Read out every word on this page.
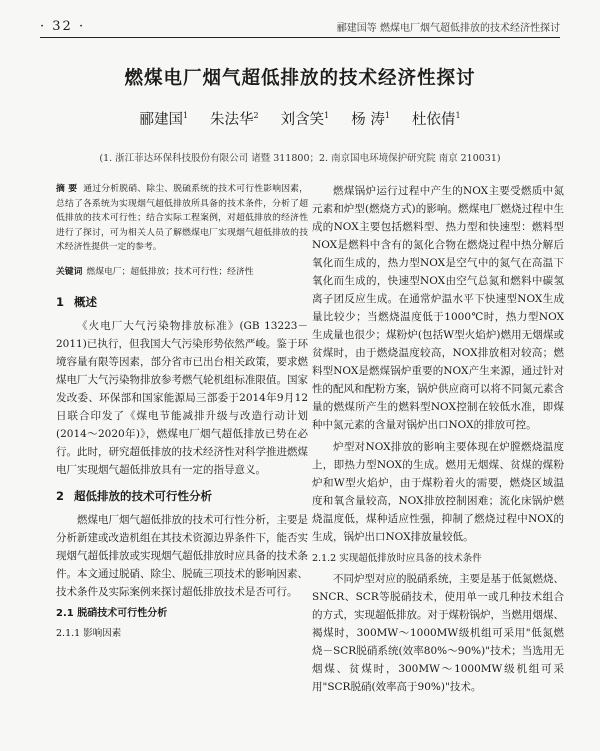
· 32 ·	郦建国等 燃煤电厂烟气超低排放的技术经济性探讨
燃煤电厂烟气超低排放的技术经济性探讨
郦建国$^1$ 朱法华$^2$ 刘含笑$^1$ 杨 涛$^1$ 杜依倩$^1$
(1. 浙江菲达环保科技股份有限公司 诸暨 311800；2. 南京国电环境保护研究院 南京 210031)

摘 要 通过分析脱硝、除尘、脱硫系统的技术可行性影响因素，总结了各系统为实现烟气超低排放所具备的技术条件，分析了超低排放的技术可行性；结合实际工程案例，对超低排放的经济性进行了探讨，可为相关人员了解燃煤电厂实现烟气超低排放的技术经济性提供一定的参考。

关键词 燃煤电厂；超低排放；技术可行性；经济性
1 概述

《火电厂大气污染物排放标准》(GB 13223－2011)已执行，但我国大气污染形势依然严峻。鉴于环境容量有限等因素，部分省市已出台相关政策，要求燃煤电厂大气污染物排放参考燃气轮机组标准限值。国家发改委、环保部和国家能源局三部委于2014年9月12日联合印发了《煤电节能减排升级与改造行动计划(2014～2020年)》，燃煤电厂烟气超低排放已势在必行。此时，研究超低排放的技术经济性对科学推进燃煤电厂实现烟气超低排放具有一定的指导意义。

2 超低排放的技术可行性分析

燃煤电厂烟气超低排放的技术可行性分析，主要是分析新建或改造机组在其技术资源边界条件下，能否实现烟气超低排放或实现烟气超低排放时应具备的技术条件。本文通过脱硝、除尘、脱硫三项技术的影响因素、技术条件及实际案例来探讨超低排放技术是否可行。

2.1 脱硝技术可行性分析
2.1.1 影响因素

燃煤锅炉运行过程中产生的NOX主要受燃质中氮元素和炉型(燃烧方式)的影响。燃煤电厂燃烧过程中生成的NOX主要包括燃料型、热力型和快速型：燃料型NOX是燃料中含有的氮化合物在燃烧过程中热分解后氧化而生成的，热力型NOX是空气中的氮气在高温下氧化而生成的，快速型NOX由空气总氮和燃料中碳氢离子团反应生成。在通常炉温水平下快速型NOX生成量比较少；当燃烧温度低于1000℃时，热力型NOX生成量也很少；煤粉炉(包括W型火焰炉)燃用无烟煤或贫煤时，由于燃烧温度较高，NOX排放相对较高；燃料型NOX是燃煤锅炉重要的NOX产生来源，通过针对性的配风和配粉方案，锅炉供应商可以将不同氮元素含量的燃煤所产生的燃料型NOX控制在较低水准，即煤种中氮元素的含量对锅炉出口NOX的排放可控。

炉型对NOX排放的影响主要体现在炉膛燃烧温度上，即热力型NOX的生成。燃用无烟煤、贫煤的煤粉炉和W型火焰炉，由于煤粉着火的需要，燃烧区域温度和氧含量较高，NOX排放控制困难；流化床锅炉燃烧温度低，煤种适应性强，抑制了燃烧过程中NOX的生成，锅炉出口NOX排放量较低。

2.1.2 实现超低排放时应具备的技术条件

不同炉型对应的脱硝系统，主要是基于低氮燃烧、SNCR、SCR等脱硝技术，使用单一或几种技术组合的方式，实现超低排放。对于煤粉锅炉，当燃用烟煤、褐煤时，300MW～1000MW级机组可采用"低氮燃烧－SCR脱硝系统(效率80%～90%)"技术；当选用无烟煤、贫煤时，300MW～1000MW级机组可采用"SCR脱硝(效率高于90%)"技术。
